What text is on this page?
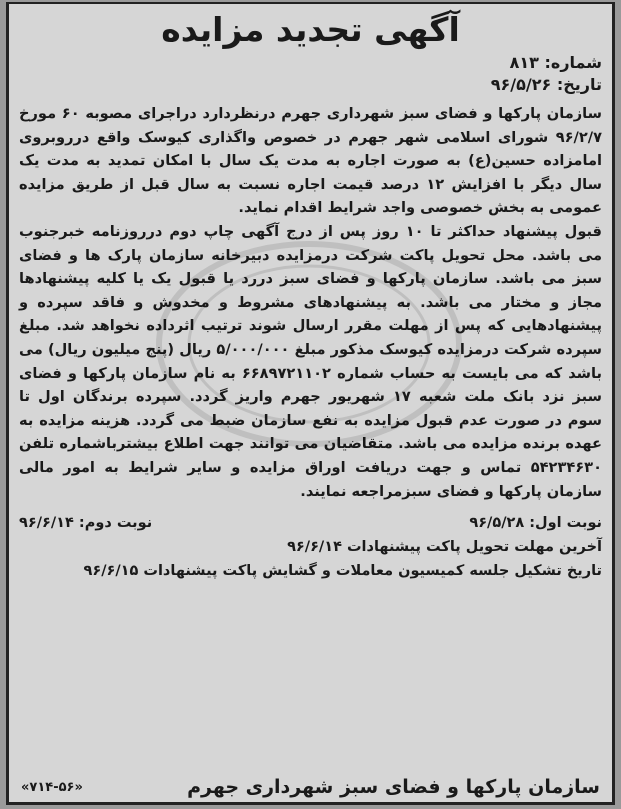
آگهی تجدید مزایده
شماره: ۸۱۳
تاریخ: ۹۶/۵/۲۶

سازمان پارکها و فضای سبز شهرداری جهرم درنظردارد دراجرای مصوبه ۶۰ مورخ ۹۶/۲/۷ شورای اسلامی شهر جهرم در خصوص واگذاری کیوسک واقع درروبروی امامزاده حسین(ع) به صورت اجاره به مدت یک سال با امکان تمدید به مدت یک سال دیگر با افزایش ۱۲ درصد قیمت اجاره نسبت به سال قبل از طریق مزایده عمومی به بخش خصوصی واجد شرایط اقدام نماید.

قبول پیشنهاد حداکثر تا ۱۰ روز پس از درج آگهی چاپ دوم درروزنامه خبرجنوب می باشد. محل تحویل پاکت شرکت درمزایده دبیرخانه سازمان پارک ها و فضای سبز می باشد. سازمان پارکها و فضای سبز دررد یا قبول یک یا کلیه پیشنهادها مجاز و مختار می باشد. به پیشنهادهای مشروط و مخدوش و فاقد سپرده و پیشنهادهایی که پس از مهلت مقرر ارسال شوند ترتیب اثرداده نخواهد شد. مبلغ سپرده شرکت درمزایده کیوسک مذکور مبلغ ۵/۰۰۰/۰۰۰ ریال (پنج میلیون ریال) می باشد که می بایست به حساب شماره ۶۶۸۹۷۲۱۱۰۲ به نام سازمان پارکها و فضای سبز نزد بانک ملت شعبه ۱۷ شهریور جهرم واریز گردد. سپرده برندگان اول تا سوم در صورت عدم قبول مزایده به نفع سازمان ضبط می گردد. هزینه مزایده به عهده برنده مزایده می باشد. متقاضیان می توانند جهت اطلاع بیشترباشماره تلفن ۵۴۲۳۴۶۳۰ تماس و جهت دریافت اوراق مزایده و سایر شرایط به امور مالی سازمان پارکها و فضای سبزمراجعه نمایند.

نوبت اول: ۹۶/۵/۲۸
نوبت دوم: ۹۶/۶/۱۴
آخرین مهلت تحویل پاکت پیشنهادات ۹۶/۶/۱۴
تاریخ تشکیل جلسه کمیسیون معاملات و گشایش پاکت پیشنهادات ۹۶/۶/۱۵
سازمان پارکها و فضای سبز شهرداری جهرم
«۷۱۴-۵۶»
